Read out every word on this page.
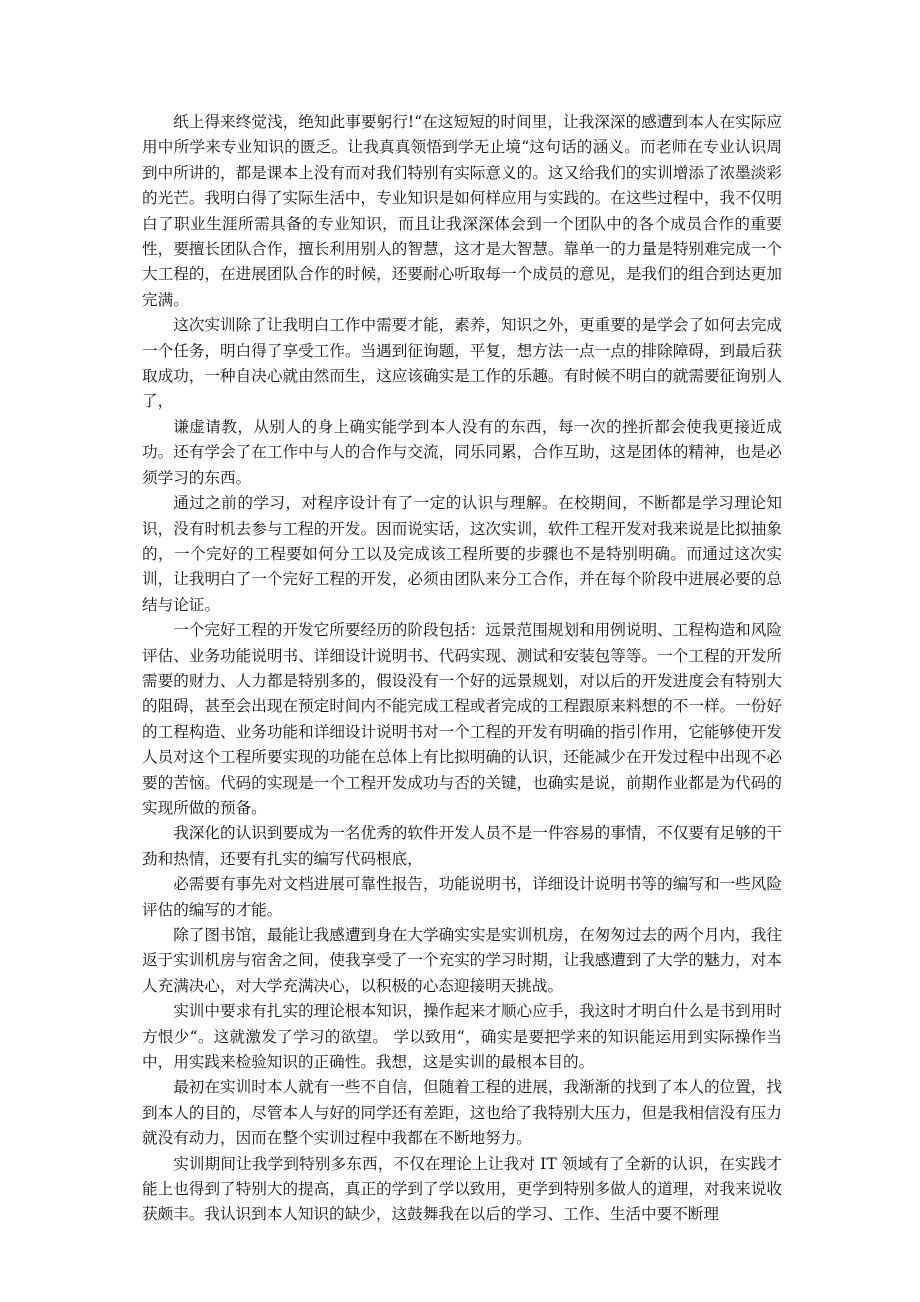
纸上得来终觉浅，绝知此事要躬行!“在这短短的时间里，让我深深的感遭到本人在实际应用中所学来专业知识的匮乏。让我真真领悟到学无止境“这句话的涵义。而老师在专业认识周到中所讲的，都是课本上没有而对我们特别有实际意义的。这又给我们的实训增添了浓墨淡彩的光芒。我明白得了实际生活中，专业知识是如何样应用与实践的。在这些过程中，我不仅明白了职业生涯所需具备的专业知识，而且让我深深体会到一个团队中的各个成员合作的重要性，要擅长团队合作，擅长利用别人的智慧，这才是大智慧。靠单一的力量是特别难完成一个大工程的，在进展团队合作的时候，还要耐心听取每一个成员的意见，是我们的组合到达更加完满。

这次实训除了让我明白工作中需要才能，素养，知识之外，更重要的是学会了如何去完成一个任务，明白得了享受工作。当遇到征询题，平复，想方法一点一点的排除障碍，到最后获取成功，一种自决心就由然而生，这应该确实是工作的乐趣。有时候不明白的就需要征询别人了，

谦虚请教，从别人的身上确实能学到本人没有的东西，每一次的挫折都会使我更接近成功。还有学会了在工作中与人的合作与交流，同乐同累，合作互助，这是团体的精神，也是必须学习的东西。

通过之前的学习，对程序设计有了一定的认识与理解。在校期间，不断都是学习理论知识，没有时机去参与工程的开发。因而说实话，这次实训，软件工程开发对我来说是比拟抽象的，一个完好的工程要如何分工以及完成该工程所要的步骤也不是特别明确。而通过这次实训，让我明白了一个完好工程的开发，必须由团队来分工合作，并在每个阶段中进展必要的总结与论证。

一个完好工程的开发它所要经历的阶段包括：远景范围规划和用例说明、工程构造和风险评估、业务功能说明书、详细设计说明书、代码实现、测试和安装包等等。一个工程的开发所需要的财力、人力都是特别多的，假设没有一个好的远景规划，对以后的开发进度会有特别大的阻碍，甚至会出现在预定时间内不能完成工程或者完成的工程跟原来料想的不一样。一份好的工程构造、业务功能和详细设计说明书对一个工程的开发有明确的指引作用，它能够使开发人员对这个工程所要实现的功能在总体上有比拟明确的认识，还能减少在开发过程中出现不必要的苦恼。代码的实现是一个工程开发成功与否的关键，也确实是说，前期作业都是为代码的实现所做的预备。

我深化的认识到要成为一名优秀的软件开发人员不是一件容易的事情，不仅要有足够的干劲和热情，还要有扎实的编写代码根底，

必需要有事先对文档进展可靠性报告，功能说明书，详细设计说明书等的编写和一些风险评估的编写的才能。

除了图书馆，最能让我感遭到身在大学确实实是实训机房，在匆匆过去的两个月内，我往返于实训机房与宿舍之间，使我享受了一个充实的学习时期，让我感遭到了大学的魅力，对本人充满决心，对大学充满决心，以积极的心态迎接明天挑战。

实训中要求有扎实的理论根本知识，操作起来才顺心应手，我这时才明白什么是书到用时方恨少“。这就激发了学习的欲望。 学以致用“，确实是要把学来的知识能运用到实际操作当中，用实践来检验知识的正确性。我想，这是实训的最根本目的。

最初在实训时本人就有一些不自信，但随着工程的进展，我渐渐的找到了本人的位置，找到本人的目的，尽管本人与好的同学还有差距，这也给了我特别大压力，但是我相信没有压力就没有动力，因而在整个实训过程中我都在不断地努力。

实训期间让我学到特别多东西，不仅在理论上让我对 IT 领域有了全新的认识，在实践才能上也得到了特别大的提高，真正的学到了学以致用，更学到特别多做人的道理，对我来说收获颇丰。我认识到本人知识的缺少，这鼓舞我在以后的学习、工作、生活中要不断理
